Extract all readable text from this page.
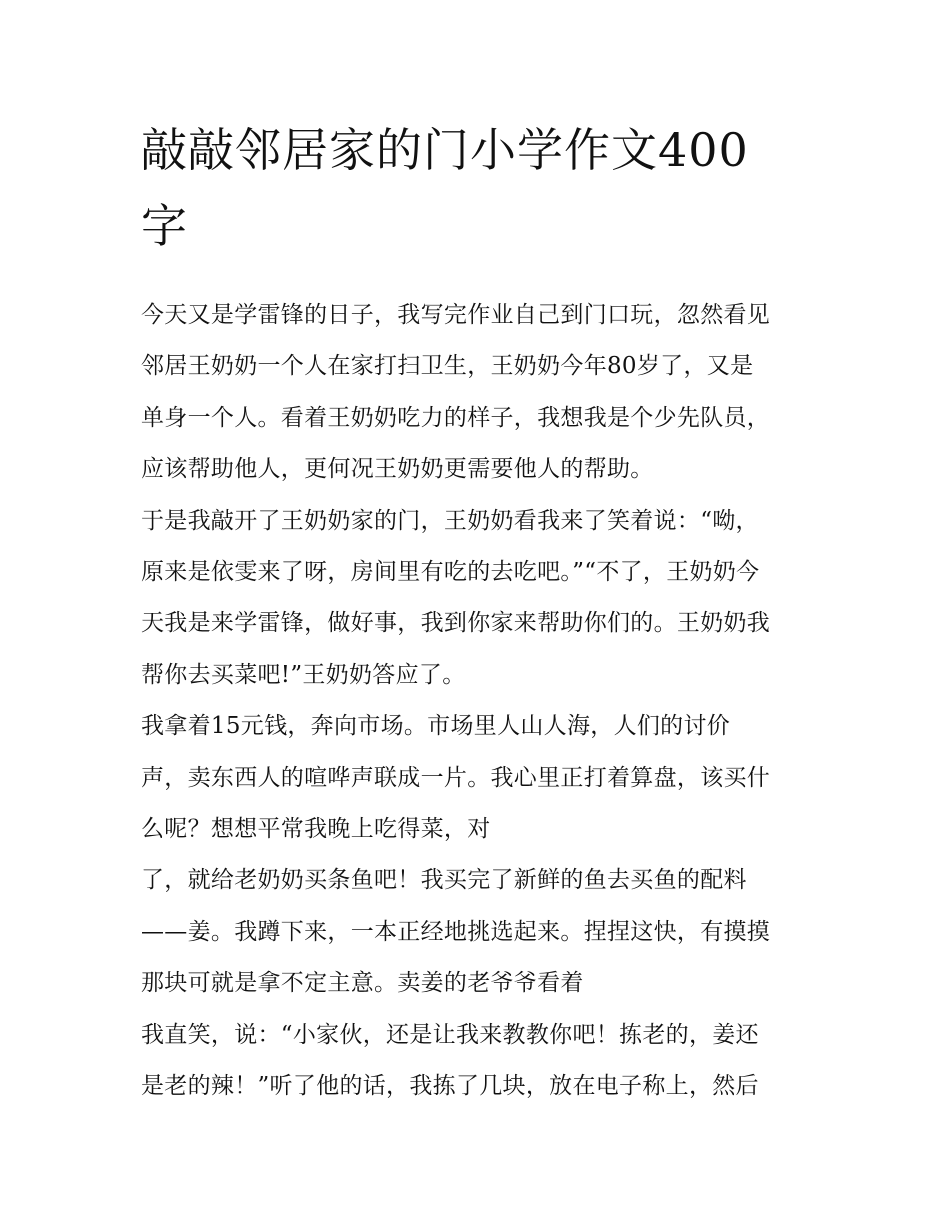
敲敲邻居家的门小学作文400
字
今天又是学雷锋的日子，我写完作业自己到门口玩，忽然看见
邻居王奶奶一个人在家打扫卫生，王奶奶今年80岁了，又是
单身一个人。看着王奶奶吃力的样子，我想我是个少先队员，
应该帮助他人，更何况王奶奶更需要他人的帮助。
于是我敲开了王奶奶家的门，王奶奶看我来了笑着说：“呦，
原来是依雯来了呀，房间里有吃的去吃吧。”“不了，王奶奶今
天我是来学雷锋，做好事，我到你家来帮助你们的。王奶奶我
帮你去买菜吧!”王奶奶答应了。
我拿着15元钱，奔向市场。市场里人山人海，人们的讨价
声，卖东西人的喧哗声联成一片。我心里正打着算盘，该买什
么呢？想想平常我晚上吃得菜，对
了，就给老奶奶买条鱼吧！我买完了新鲜的鱼去买鱼的配料
——姜。我蹲下来，一本正经地挑选起来。捏捏这快，有摸摸
那块可就是拿不定主意。卖姜的老爷爷看着
我直笑，说：“小家伙，还是让我来教教你吧！拣老的，姜还
是老的辣！”听了他的话，我拣了几块，放在电子称上，然后
